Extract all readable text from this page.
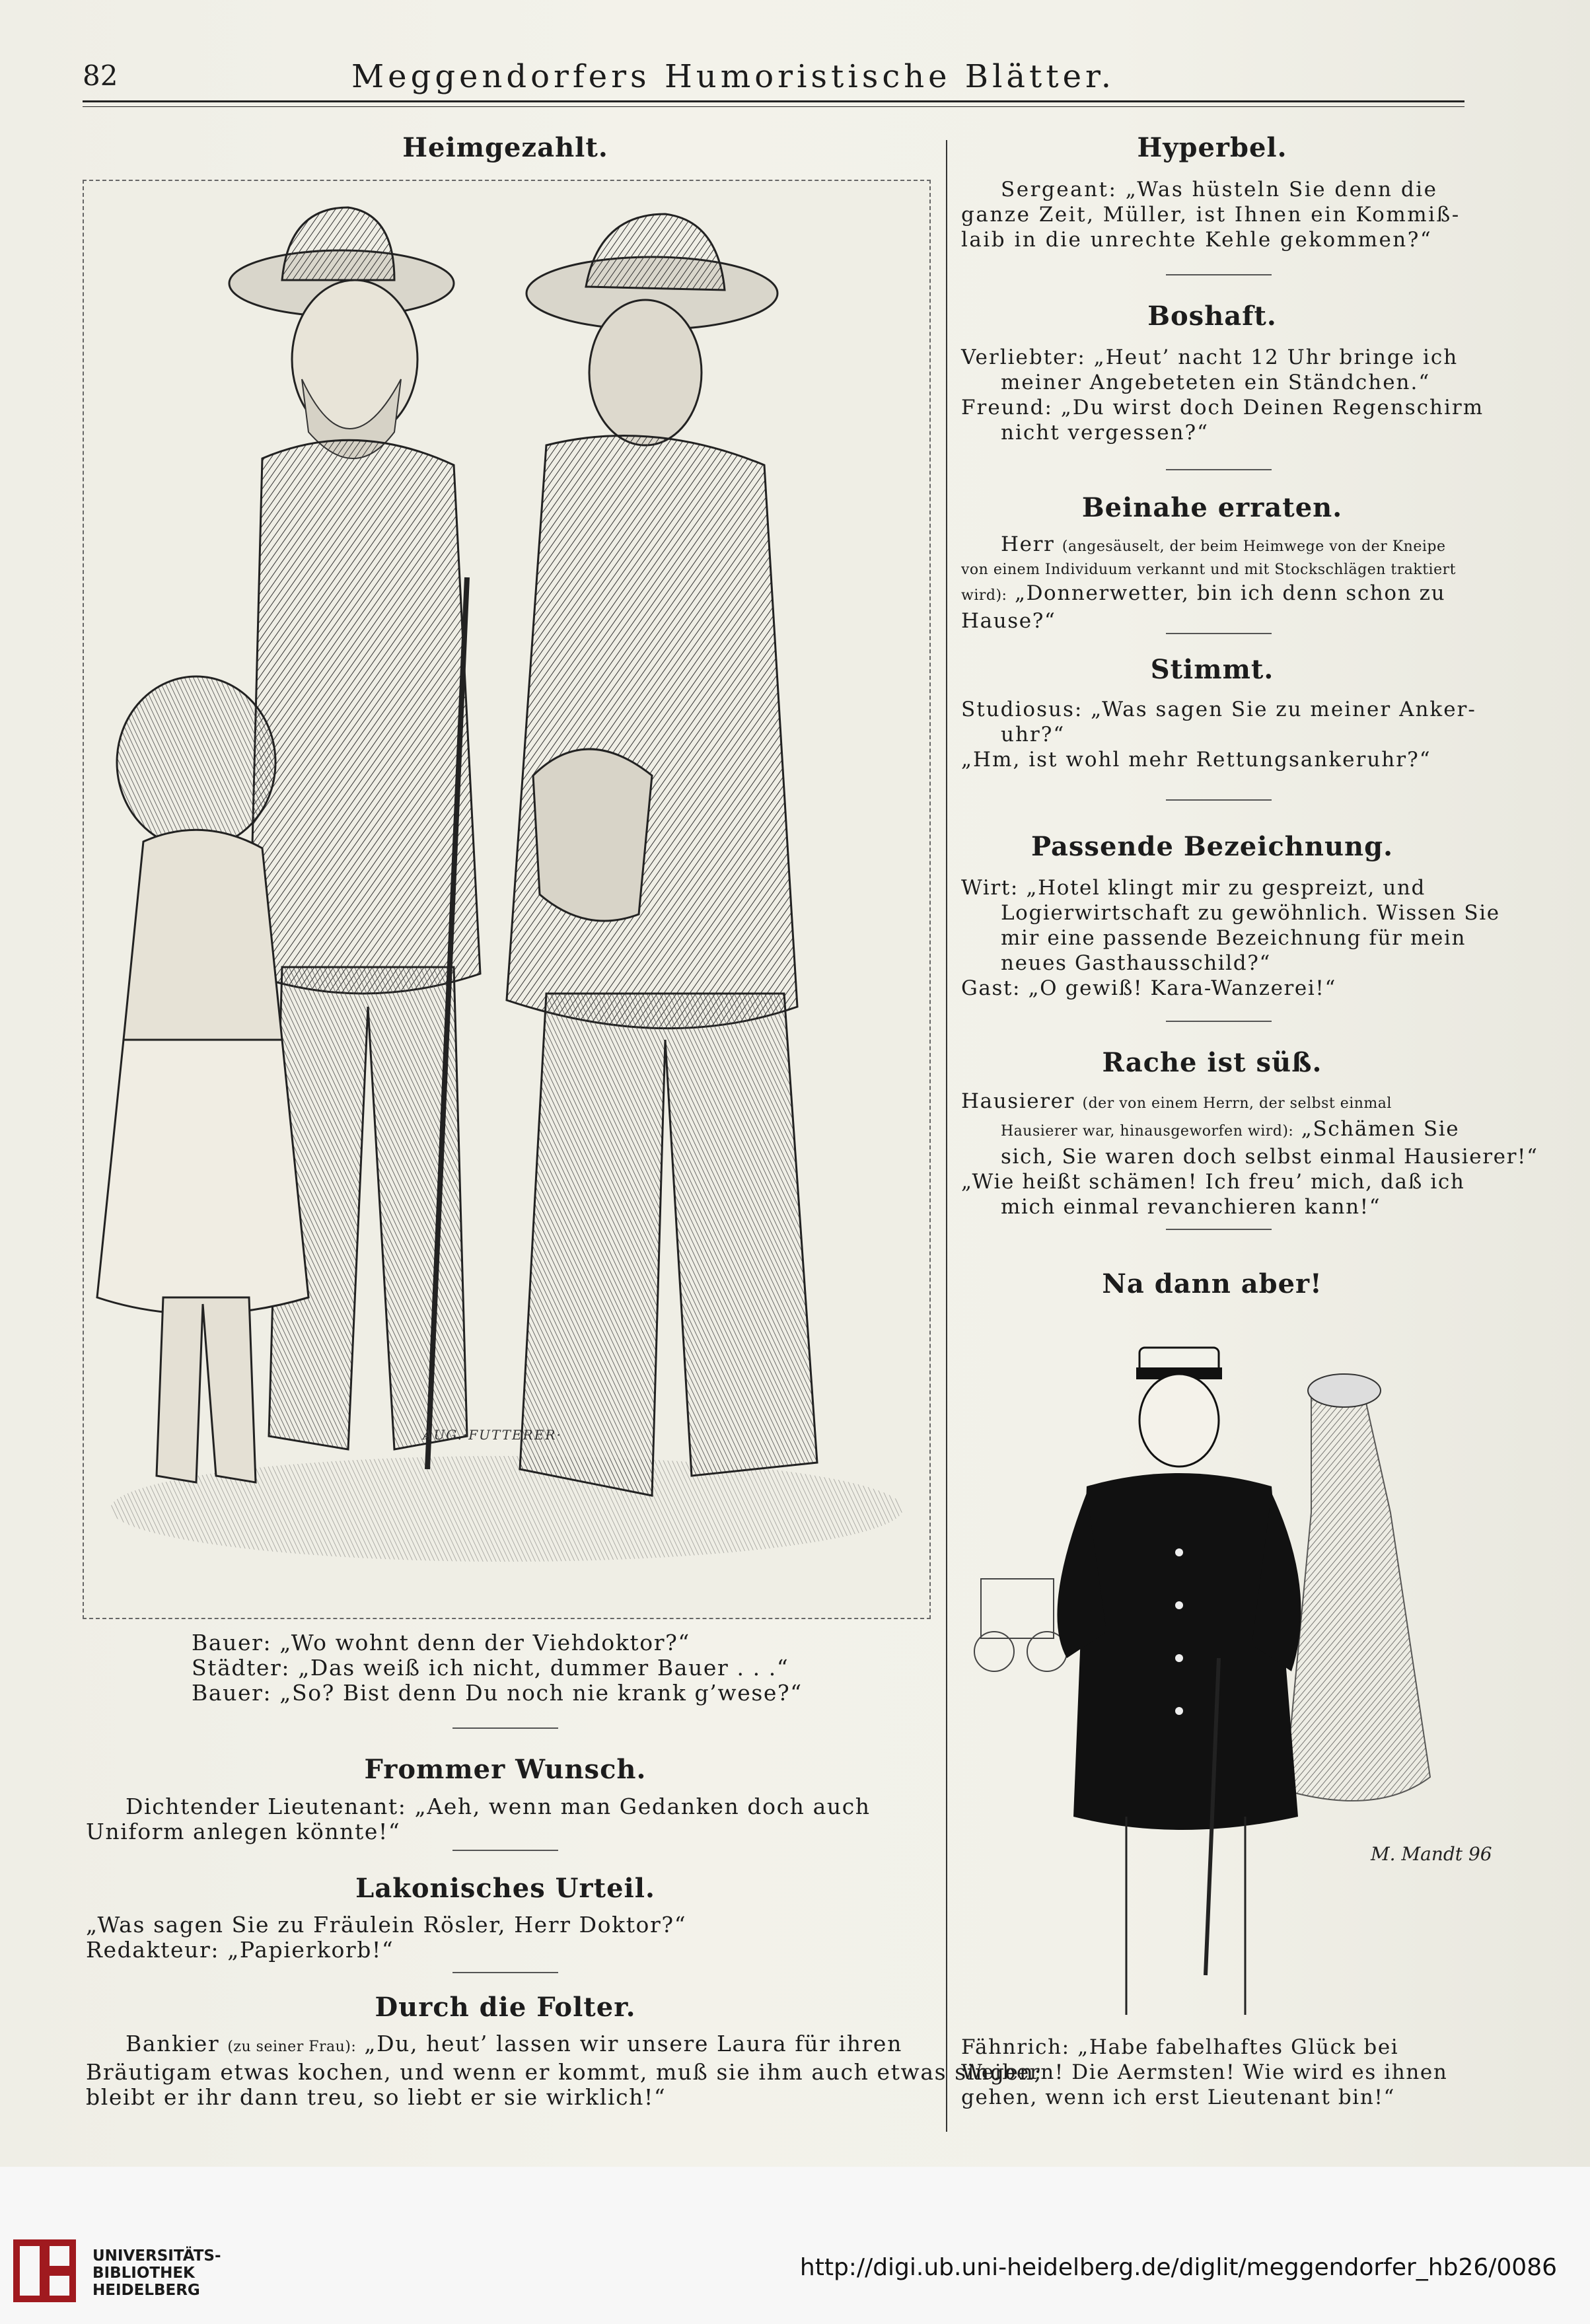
82	Meggendorfers Humoristische Blätter.
Heimgezahlt.
AUG.·FUTTERER·
Bauer: „Wo wohnt denn der Viehdoktor?“
Städter: „Das weiß ich nicht, dummer Bauer . . .“
Bauer: „So? Bist denn Du noch nie krank g’wese?“
Frommer Wunsch.
Dichtender Lieutenant: „Aeh, wenn man Gedanken doch auch
Uniform anlegen könnte!“
Lakonisches Urteil.
„Was sagen Sie zu Fräulein Rösler, Herr Doktor?“
Redakteur: „Papierkorb!“
Durch die Folter.
Bankier (zu seiner Frau): „Du, heut’ lassen wir unsere Laura für ihren
Bräutigam etwas kochen, und wenn er kommt, muß sie ihm auch etwas singen;
bleibt er ihr dann treu, so liebt er sie wirklich!“
Hyperbel.
Sergeant: „Was hüsteln Sie denn die
ganze Zeit, Müller, ist Ihnen ein Kommiß-
laib in die unrechte Kehle gekommen?“
Boshaft.
Verliebter: „Heut’ nacht 12 Uhr bringe ich
meiner Angebeteten ein Ständchen.“
Freund: „Du wirst doch Deinen Regenschirm
nicht vergessen?“
Beinahe erraten.
Herr (angesäuselt, der beim Heimwege von der Kneipe
von einem Individuum verkannt und mit Stockschlägen traktiert
wird): „Donnerwetter, bin ich denn schon zu
Hause?“
Stimmt.
Studiosus: „Was sagen Sie zu meiner Anker-
uhr?“
„Hm, ist wohl mehr Rettungsankeruhr?“
Passende Bezeichnung.
Wirt: „Hotel klingt mir zu gespreizt, und
Logierwirtschaft zu gewöhnlich. Wissen Sie
mir eine passende Bezeichnung für mein
neues Gasthausschild?“
Gast: „O gewiß! Kara-Wanzerei!“
Rache ist süß.
Hausierer (der von einem Herrn, der selbst einmal
Hausierer war, hinausgeworfen wird): „Schämen Sie
sich, Sie waren doch selbst einmal Hausierer!“
„Wie heißt schämen! Ich freu’ mich, daß ich
mich einmal revanchieren kann!“
Na dann aber!
M. Mandt 96
Fähnrich: „Habe fabelhaftes Glück bei
Weibern! Die Aermsten! Wie wird es ihnen
gehen, wenn ich erst Lieutenant bin!“
UNIVERSITÄTS-
BIBLIOTHEK
HEIDELBERG
http://digi.ub.uni-heidelberg.de/diglit/meggendorfer_hb26/0086
